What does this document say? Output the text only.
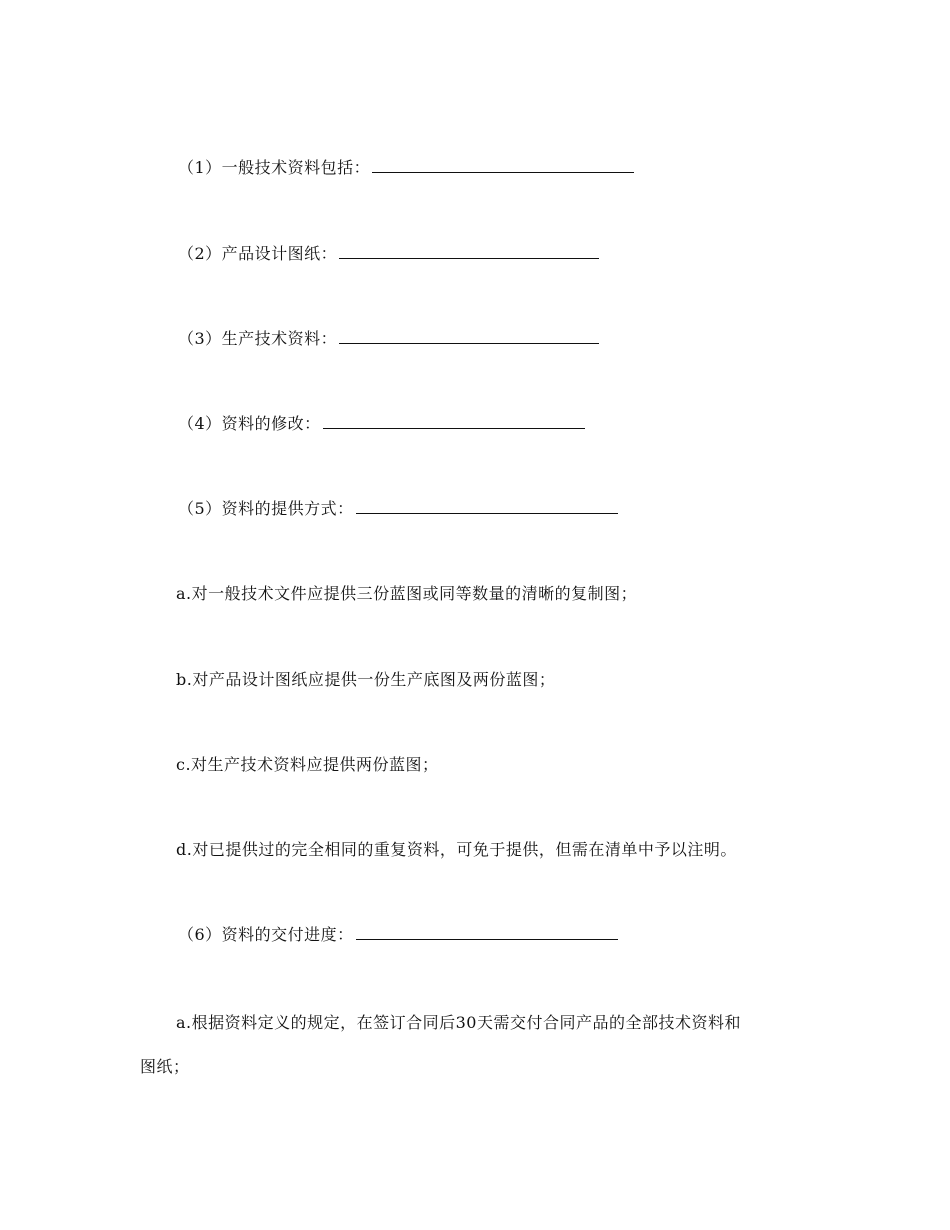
（1）一般技术资料包括：
（2）产品设计图纸：
（3）生产技术资料：
（4）资料的修改：
（5）资料的提供方式：
a.对一般技术文件应提供三份蓝图或同等数量的清晰的复制图；
b.对产品设计图纸应提供一份生产底图及两份蓝图；
c.对生产技术资料应提供两份蓝图；
d.对已提供过的完全相同的重复资料，可免于提供，但需在清单中予以注明。
（6）资料的交付进度：
a.根据资料定义的规定，在签订合同后30天需交付合同产品的全部技术资料和
图纸；
